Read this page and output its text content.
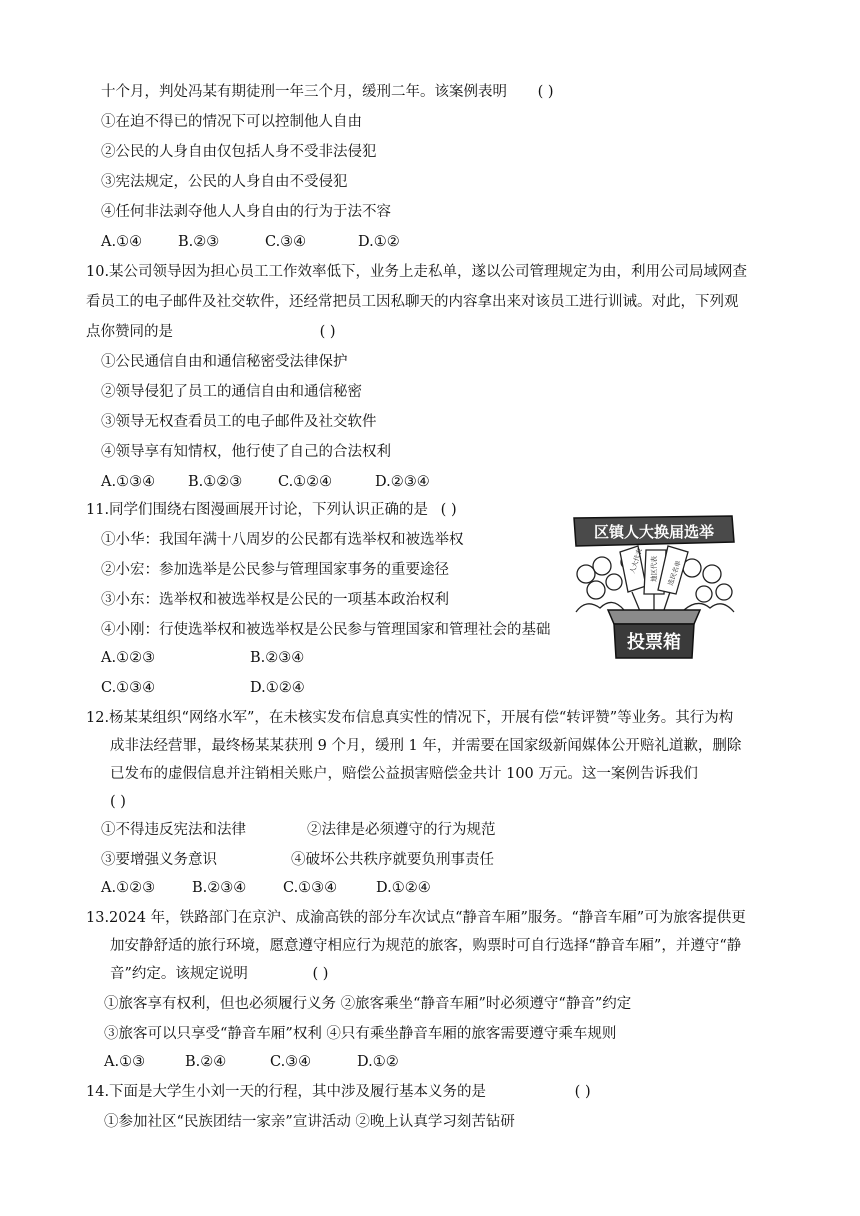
十个月，判处冯某有期徒刑一年三个月，缓刑二年。该案例表明 ( )
①在迫不得已的情况下可以控制他人自由
②公民的人身自由仅包括人身不受非法侵犯
③宪法规定，公民的人身自由不受侵犯
④任何非法剥夺他人人身自由的行为于法不容
A.①④ B.②③	C.③④	D.①②
10.某公司领导因为担心员工工作效率低下，业务上走私单，遂以公司管理规定为由，利用公司局域网查
看员工的电子邮件及社交软件，还经常把员工因私聊天的内容拿出来对该员工进行训诫。对此，下列观
点你赞同的是	( )
①公民通信自由和通信秘密受法律保护
②领导侵犯了员工的通信自由和通信秘密
③领导无权查看员工的电子邮件及社交软件
④领导享有知情权，他行使了自己的合法权利
A.①③④ B.①②③ C.①②④	D.②③④
11.同学们围绕右图漫画展开讨论，下列认识正确的是 ( )
①小华：我国年满十八周岁的公民都有选举权和被选举权
②小宏：参加选举是公民参与管理国家事务的重要途径
③小东：选举权和被选举权是公民的一项基本政治权利
④小刚：行使选举权和被选举权是公民参与管理国家和管理社会的基础
A.①②③	B.②③④
C.①③④	D.①②④
区镇人大换届选举
人大代表 地区代表 选民名单
投票箱
12.杨某某组织“网络水军”，在未核实发布信息真实性的情况下，开展有偿“转评赞”等业务。其行为构
成非法经营罪，最终杨某某获刑 9 个月，缓刑 1 年，并需要在国家级新闻媒体公开赔礼道歉，删除
已发布的虚假信息并注销相关账户，赔偿公益损害赔偿金共计 100 万元。这一案例告诉我们
( )
①不得违反宪法和法律	②法律是必须遵守的行为规范
③要增强义务意识	④破坏公共秩序就要负刑事责任
A.①②③	B.②③④	C.①③④	D.①②④
13.2024 年，铁路部门在京沪、成渝高铁的部分车次试点“静音车厢”服务。“静音车厢”可为旅客提供更
加安静舒适的旅行环境，愿意遵守相应行为规范的旅客，购票时可自行选择“静音车厢”，并遵守“静
音”约定。该规定说明	( )
①旅客享有权利，但也必须履行义务 ②旅客乘坐“静音车厢”时必须遵守“静音”约定
③旅客可以只享受“静音车厢”权利 ④只有乘坐静音车厢的旅客需要遵守乘车规则
A.①③	B.②④	C.③④	D.①②
14.下面是大学生小刘一天的行程，其中涉及履行基本义务的是	( )
①参加社区“民族团结一家亲”宣讲活动 ②晚上认真学习刻苦钻研
